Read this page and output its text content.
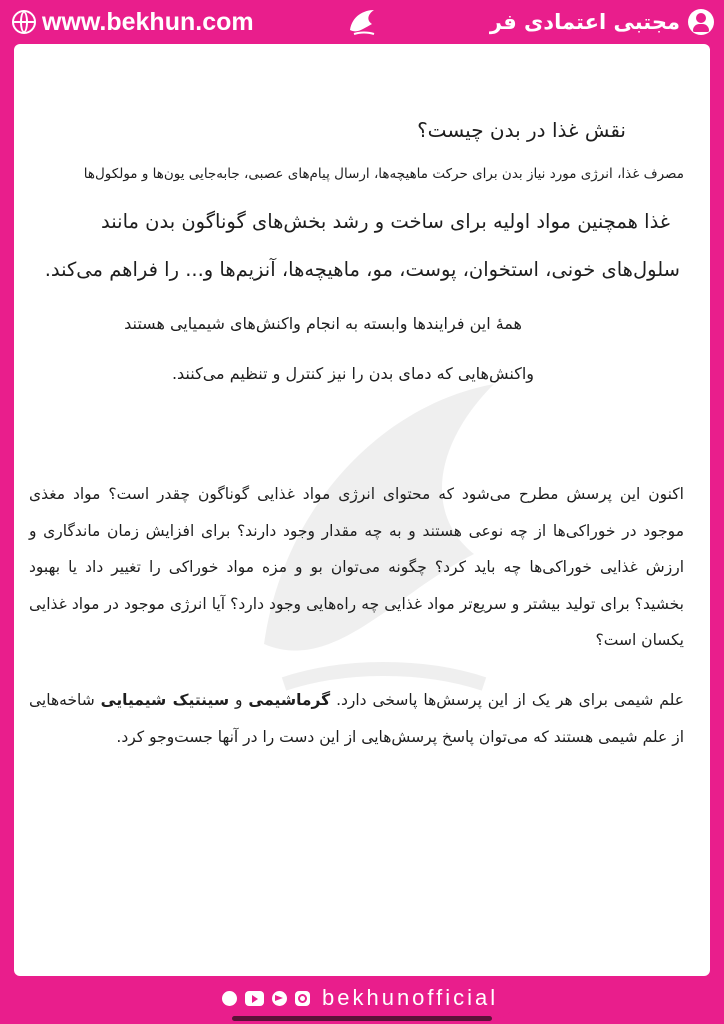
www.bekhun.com	مجتبی اعتمادی فر
نقش غذا در بدن چیست؟
مصرف غذا، انرژی مورد نیاز بدن برای حرکت ماهیچه‌ها، ارسال پیام‌های عصبی، جابه‌جایی یون‌ها و مولکول‌ها
غذا همچنین مواد اولیه برای ساخت و رشد بخش‌های گوناگون بدن مانند
سلول‌های خونی، استخوان، پوست، مو، ماهیچه‌ها، آنزیم‌ها و... را فراهم می‌کند.
همهٔ این فرایندها وابسته به انجام واکنش‌های شیمیایی هستند
واکنش‌هایی که دمای بدن را نیز کنترل و تنظیم می‌کنند.
اکنون این پرسش مطرح می‌شود که محتوای انرژی مواد غذایی گوناگون چقدر است؟ مواد مغذی موجود در خوراکی‌ها از چه نوعی هستند و به چه مقدار وجود دارند؟ برای افزایش زمان ماندگاری و ارزش غذایی خوراکی‌ها چه باید کرد؟ چگونه می‌توان بو و مزه مواد خوراکی را تغییر داد یا بهبود بخشید؟ برای تولید بیشتر و سریع‌تر مواد غذایی چه راه‌هایی وجود دارد؟ آیا انرژی موجود در مواد غذایی یکسان است؟
علم شیمی برای هر یک از این پرسش‌ها پاسخی دارد. گرماشیمی و سینتیک شیمیایی شاخه‌هایی از علم شیمی هستند که می‌توان پاسخ پرسش‌هایی از این دست را در آنها جست‌وجو کرد.
bekhunofficial
